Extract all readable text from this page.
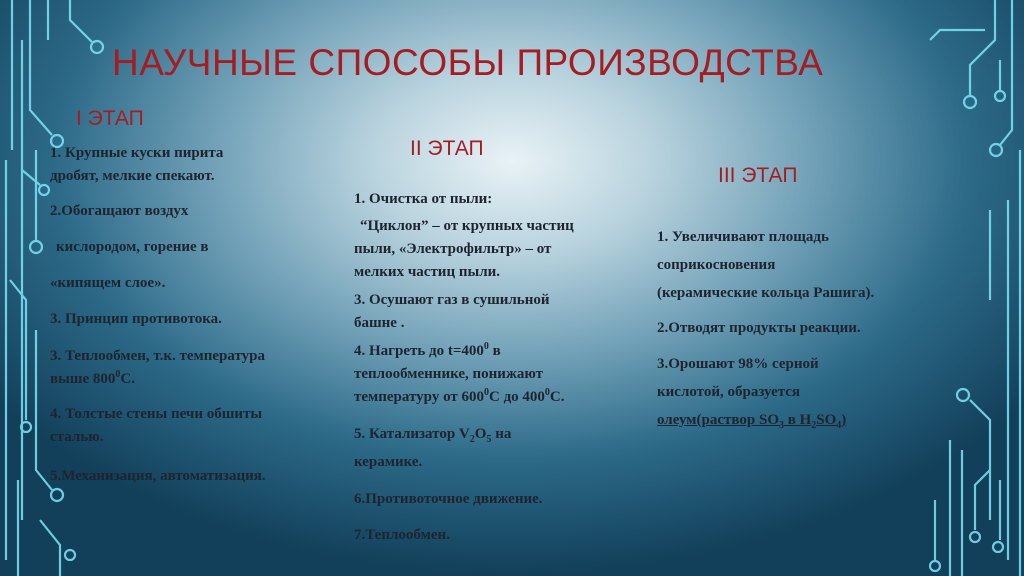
НАУЧНЫЕ СПОСОБЫ ПРОИЗВОДСТВА
I ЭТАП

1. Крупные куски пирита

дробят, мелкие спекают.

2.Обогащают воздух

кислородом, горение в

«кипящем слое».

3. Принцип противотока.

3. Теплообмен, т.к. температура

выше $800^0С$.

4. Толстые стены печи обшиты

сталью.

5.Механизация, автоматизация.

II ЭТАП

1. Очистка от пыли:

“Циклон” – от крупных частиц

пыли, «Электрофильтр» – от

мелких частиц пыли.

3. Осушают газ в сушильной

башне .

4. Нагреть до $t=400^0$ в

теплообменнике, понижают

температуру от $600^0С$ до $400^0С$.

5. Катализатор $V_2O_5$ на

керамике.

6.Противоточное движение.

7.Теплообмен.

III ЭТАП

1. Увеличивают площадь

соприкосновения

(керамические кольца Рашига).

2.Отводят продукты реакции.

3.Орошают 98% серной

кислотой, образуется

олеум(раствор $SO_3$ в $H_2SO_4$)
